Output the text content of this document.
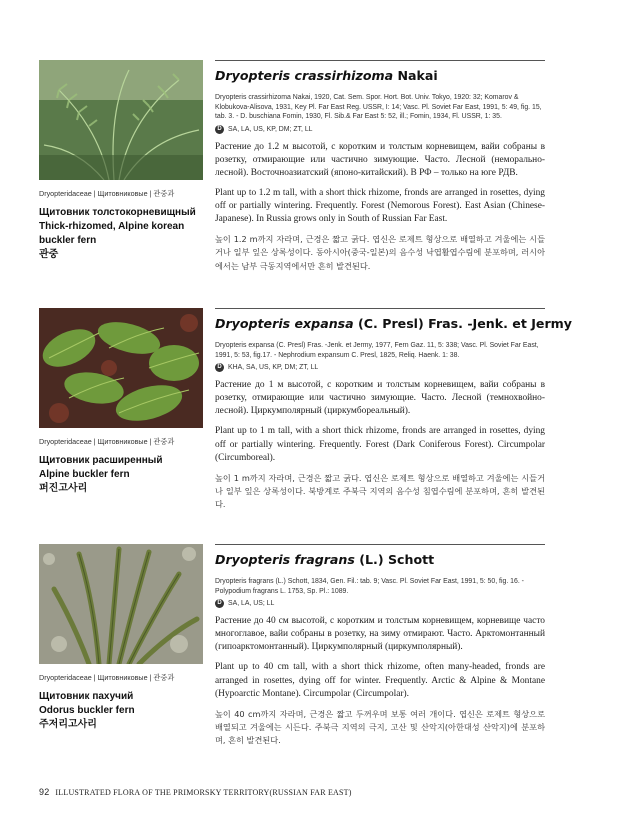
Dryopteridaceae | Щитовниковые | 관중과
Щитовник толстокорневищный
Thick-rhizomed, Alpine korean
buckler fern
관중
Dryopteris crassirhizoma Nakai
Dryopteris crassirhizoma Nakai, 1920, Cat. Sem. Spor. Hort. Bot. Univ. Tokyo, 1920: 32; Komarov & Klobukova-Alisova, 1931, Key Pl. Far East Reg. USSR, I: 14; Vasc. Pl. Soviet Far East, 1991, 5: 49, fig. 15, tab. 3. - D. buschiana Fomin, 1930, Fl. Sib.& Far East 5: 52, ill.; Fomin, 1934, Fl. USSR, 1: 35.
D SA, LA, US, KP, DM; ZT, LL
Растение до 1.2 м высотой, с коротким и толстым корневищем, вайи собраны в розетку, отмирающие или частично зимующие. Часто. Лесной (неморально-лесной). Восточноазиатский (японо-китайский). В РФ – только на юге РДВ.
Plant up to 1.2 m tall, with a short thick rhizome, fronds are arranged in rosettes, dying off or partially wintering. Frequently. Forest (Nemorous Forest). East Asian (Chinese-Japanese). In Russia grows only in South of Russian Far East.
높이 1.2 m까지 자라며, 근경은 짧고 굵다. 엽신은 로제트 형상으로 배열하고 겨울에는 시들거나 일부 잎은 상록성이다. 동아시아(중국-일본)의 음수성 낙엽활엽수림에 분포하며, 러시아에서는 남부 극동지역에서만 흔히 발견된다.
Dryopteridaceae | Щитовниковые | 관중과
Щитовник расширенный
Alpine buckler fern
퍼진고사리
Dryopteris expansa (C. Presl) Fras. -Jenk. et Jermy
Dryopteris expansa (C. Presl) Fras. -Jenk. et Jermy, 1977, Fern Gaz. 11, 5: 338; Vasc. Pl. Soviet Far East, 1991, 5: 53, fig.17. - Nephrodium expansum C. Presl, 1825, Reliq. Haenk. 1: 38.
D KHA, SA, US, KP, DM; ZT, LL
Растение до 1 м высотой, с коротким и толстым корневищем, вайи собраны в розетку, отмирающие или частично зимующие. Часто. Лесной (темнохвойно-лесной). Циркумполярный (циркумбореальный).
Plant up to 1 m tall, with a short thick rhizome, fronds are arranged in rosettes, dying off or partially wintering. Frequently. Forest (Dark Coniferous Forest). Circumpolar (Circumboreal).
높이 1 m까지 자라며, 근경은 짧고 굵다. 엽신은 로제트 형상으로 배열하고 겨울에는 시들거나 일부 잎은 상록성이다. 북방계로 주북극 지역의 음수성 침엽수림에 분포하며, 흔히 발견된다.
Dryopteridaceae | Щитовниковые | 관중과
Щитовник пахучий
Odorus buckler fern
주저리고사리
Dryopteris fragrans (L.) Schott
Dryopteris fragrans (L.) Schott, 1834, Gen. Fil.: tab. 9; Vasc. Pl. Soviet Far East, 1991, 5: 50, fig. 16. - Polypodium fragrans L. 1753, Sp. Pl.: 1089.
D SA, LA, US; LL
Растение до 40 см высотой, с коротким и толстым корневищем, корневище часто многоглавое, вайи собраны в розетку, на зиму отмирают. Часто. Арктомонтанный (гипоарктомонтанный). Циркумполярный (циркумполярный).
Plant up to 40 cm tall, with a short thick rhizome, often many-headed, fronds are arranged in rosettes, dying off for winter. Frequently. Arctic & Alpine & Montane (Hypoarctic Montane). Circumpolar (Circumpolar).
높이 40 cm까지 자라며, 근경은 짧고 두꺼우며 보통 여러 개이다. 엽신은 로제트 형상으로 배열되고 겨울에는 시든다. 주북극 지역의 극지, 고산 및 산악지(아한대성 산악지)에 분포하며, 흔히 발견된다.
92 ILLUSTRATED FLORA OF THE PRIMORSKY TERRITORY(RUSSIAN FAR EAST)
